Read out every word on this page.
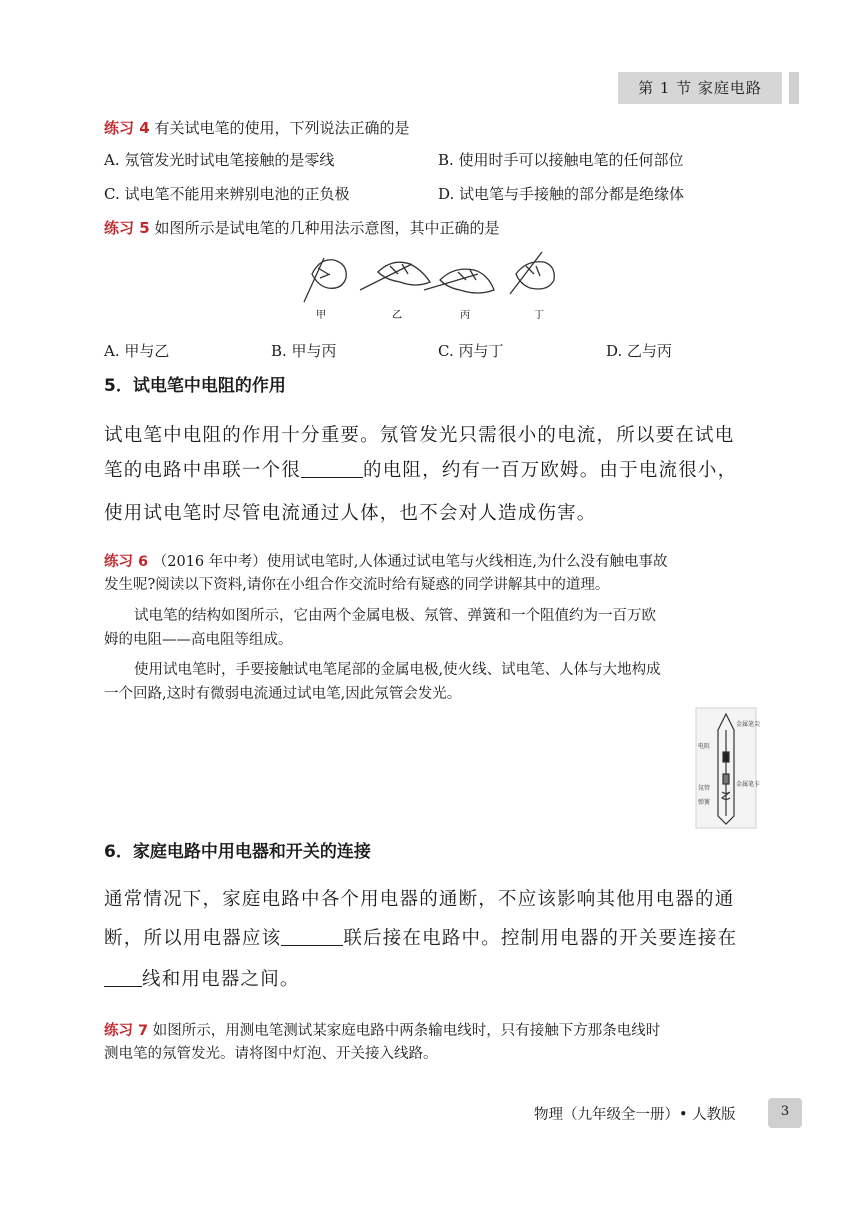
第 1 节 家庭电路
练习 4 有关试电笔的使用，下列说法正确的是
A. 氖管发光时试电笔接触的是零线	B. 使用时手可以接触电笔的任何部位
C. 试电笔不能用来辨别电池的正负极	D. 试电笔与手接触的部分都是绝缘体
练习 5 如图所示是试电笔的几种用法示意图，其中正确的是
甲	乙	丙	丁
A. 甲与乙	B. 甲与丙	C. 丙与丁	D. 乙与丙
5．试电笔中电阻的作用
试电笔中电阻的作用十分重要。氖管发光只需很小的电流，所以要在试电
笔的电路中串联一个很	的电阻，约有一百万欧姆。由于电流很小，
使用试电笔时尽管电流通过人体，也不会对人造成伤害。
练习 6 （2016 年中考）使用试电笔时,人体通过试电笔与火线相连,为什么没有触电事故
发生呢?阅读以下资料,请你在小组合作交流时给有疑惑的同学讲解其中的道理。
试电笔的结构如图所示，它由两个金属电极、氖管、弹簧和一个阻值约为一百万欧
姆的电阻——高电阻等组成。
使用试电笔时，手要接触试电笔尾部的金属电极,使火线、试电笔、人体与大地构成
一个回路,这时有微弱电流通过试电笔,因此氖管会发光。
金属笔尖
电阻
金属笔卡
氖管
弹簧
6．家庭电路中用电器和开关的连接
通常情况下，家庭电路中各个用电器的通断，不应该影响其他用电器的通
断，所以用电器应该	联后接在电路中。控制用电器的开关要连接在
线和用电器之间。
练习 7 如图所示，用测电笔测试某家庭电路中两条输电线时，只有接触下方那条电线时
测电笔的氖管发光。请将图中灯泡、开关接入线路。
物理（九年级全一册）• 人教版	3
